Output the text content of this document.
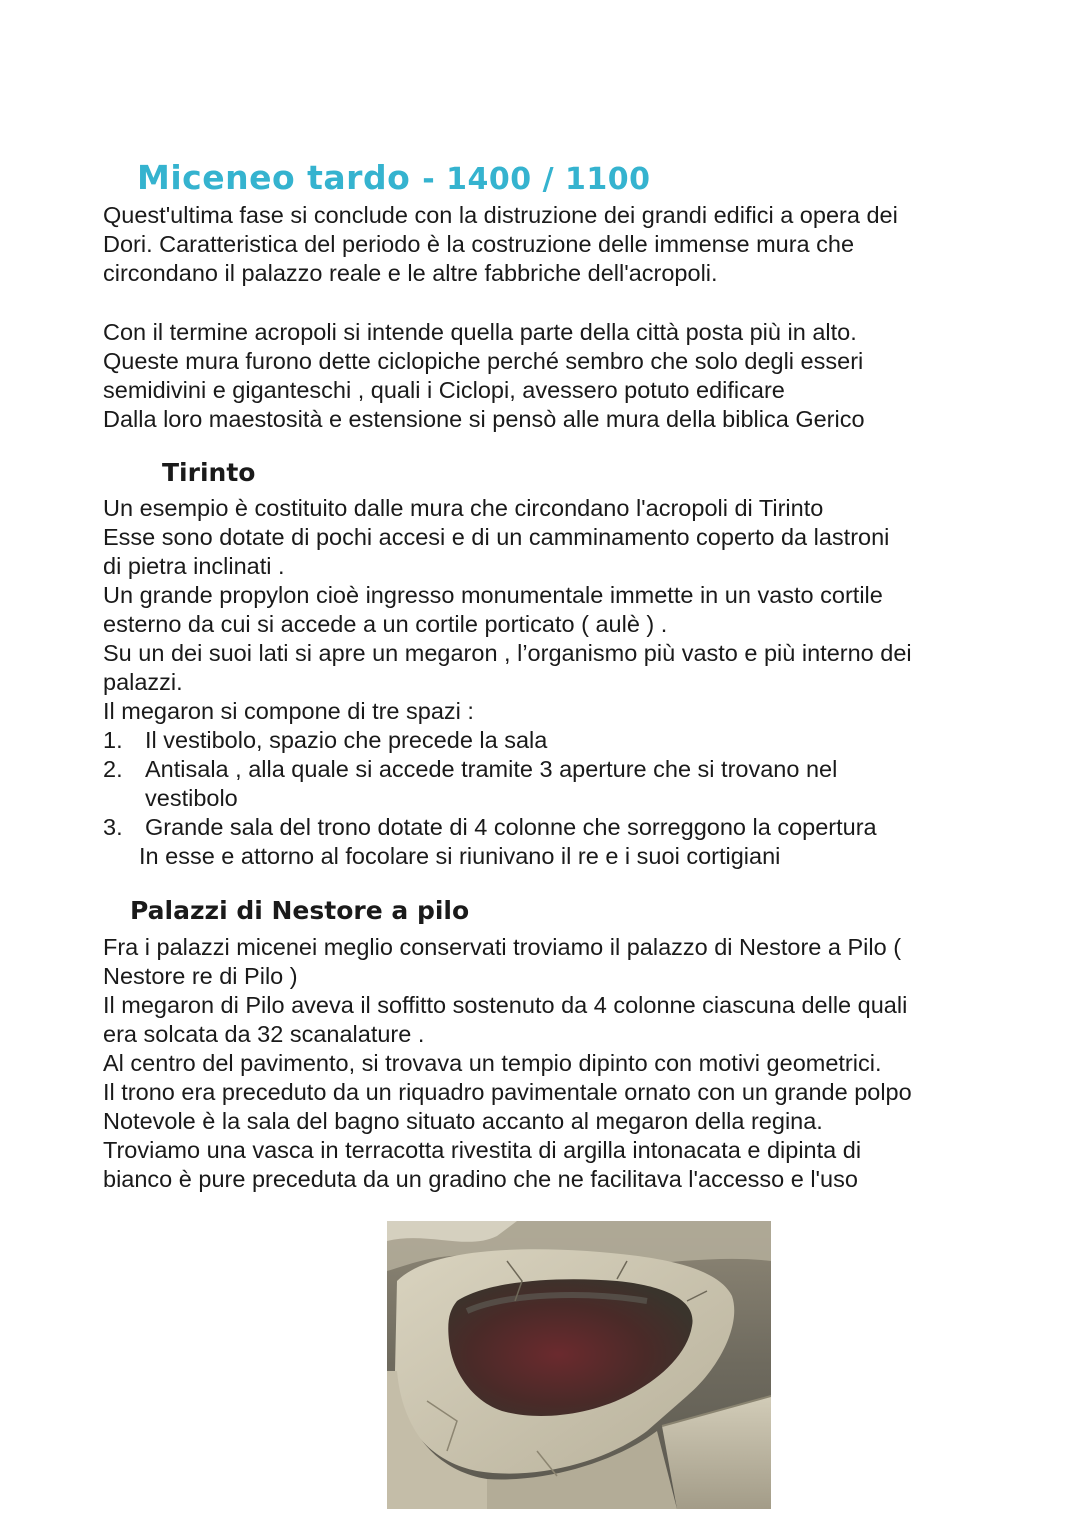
Miceneo tardo - 1400 / 1100

Quest'ultima fase si conclude con la distruzione dei grandi edifici a opera dei

Dori. Caratteristica del periodo è la costruzione delle immense mura che

circondano il palazzo reale e le altre fabbriche dell'acropoli.

Con il termine acropoli si intende quella parte della città posta più in alto.

Queste mura furono dette ciclopiche perché sembro che solo degli esseri

semidivini e giganteschi , quali i Ciclopi, avessero potuto edificare

Dalla loro maestosità e estensione si pensò alle mura della biblica Gerico

Tirinto

Un esempio è costituito dalle mura che circondano l'acropoli di Tirinto

Esse sono dotate di pochi accesi e di un camminamento coperto da lastroni

di pietra inclinati .

Un grande propylon cioè ingresso monumentale immette in un vasto cortile

esterno da cui si accede a un cortile porticato ( aulè ) .

Su un dei suoi lati si apre un megaron , l’organismo più vasto e più interno dei

palazzi.

Il megaron si compone di tre spazi :

1. Il vestibolo, spazio che precede la sala
2. Antisala , alla quale si accede tramite 3 aperture che si trovano nel
vestibolo
3. Grande sala del trono dotate di 4 colonne che sorreggono la copertura

In esse e attorno al focolare si riunivano il re e i suoi cortigiani

Palazzi di Nestore a pilo

Fra i palazzi micenei meglio conservati troviamo il palazzo di Nestore a Pilo (

Nestore re di Pilo )

Il megaron di Pilo aveva il soffitto sostenuto da 4 colonne ciascuna delle quali

era solcata da 32 scanalature .

Al centro del pavimento, si trovava un tempio dipinto con motivi geometrici.

Il trono era preceduto da un riquadro pavimentale ornato con un grande polpo

Notevole è la sala del bagno situato accanto al megaron della regina.

Troviamo una vasca in terracotta rivestita di argilla intonacata e dipinta di

bianco è pure preceduta da un gradino che ne facilitava l'accesso e l'uso
